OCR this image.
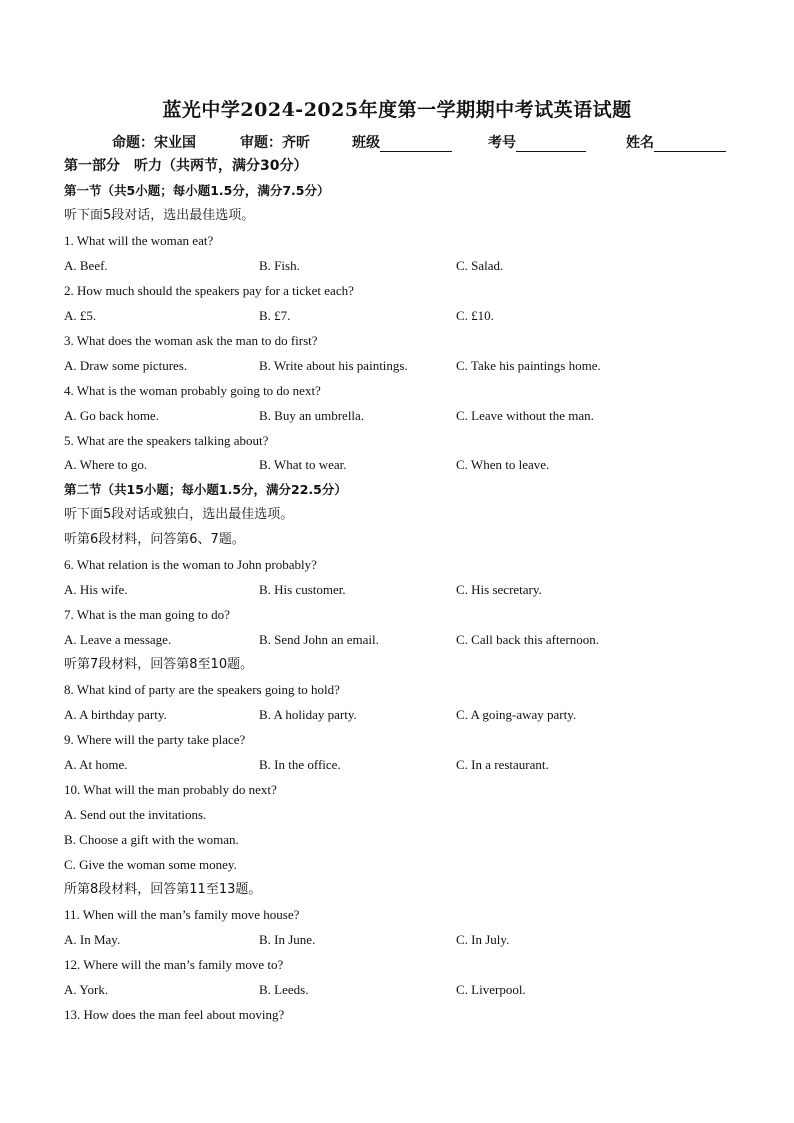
蓝光中学2024-2025年度第一学期期中考试英语试题
命题：宋业国	审题：齐昕	班级	考号	姓名
第一部分　听力（共两节，满分30分）
第一节（共5小题；每小题1.5分，满分7.5分）
听下面5段对话，选出最佳选项。
1. What will the woman eat?
A. Beef.	B. Fish.	C. Salad.
2. How much should the speakers pay for a ticket each?
A. £5.	B. £7.	C. £10.
3. What does the woman ask the man to do first?
A. Draw some pictures.	B. Write about his paintings.	C. Take his paintings home.
4. What is the woman probably going to do next?
A. Go back home.	B. Buy an umbrella.	C. Leave without the man.
5. What are the speakers talking about?
A. Where to go.	B. What to wear.	C. When to leave.
第二节（共15小题；每小题1.5分，满分22.5分）
听下面5段对话或独白，选出最佳选项。
听第6段材料，问答第6、7题。
6. What relation is the woman to John probably?
A. His wife.	B. His customer.	C. His secretary.
7. What is the man going to do?
A. Leave a message.	B. Send John an email.	C. Call back this afternoon.
听第7段材料，回答第8至10题。
8. What kind of party are the speakers going to hold?
A. A birthday party.	B. A holiday party.	C. A going-away party.
9. Where will the party take place?
A. At home.	B. In the office.	C. In a restaurant.
10. What will the man probably do next?
A. Send out the invitations.
B. Choose a gift with the woman.
C. Give the woman some money.
所第8段材料，回答第11至13题。
11. When will the man’s family move house?
A. In May.	B. In June.	C. In July.
12. Where will the man’s family move to?
A. York.	B. Leeds.	C. Liverpool.
13. How does the man feel about moving?
